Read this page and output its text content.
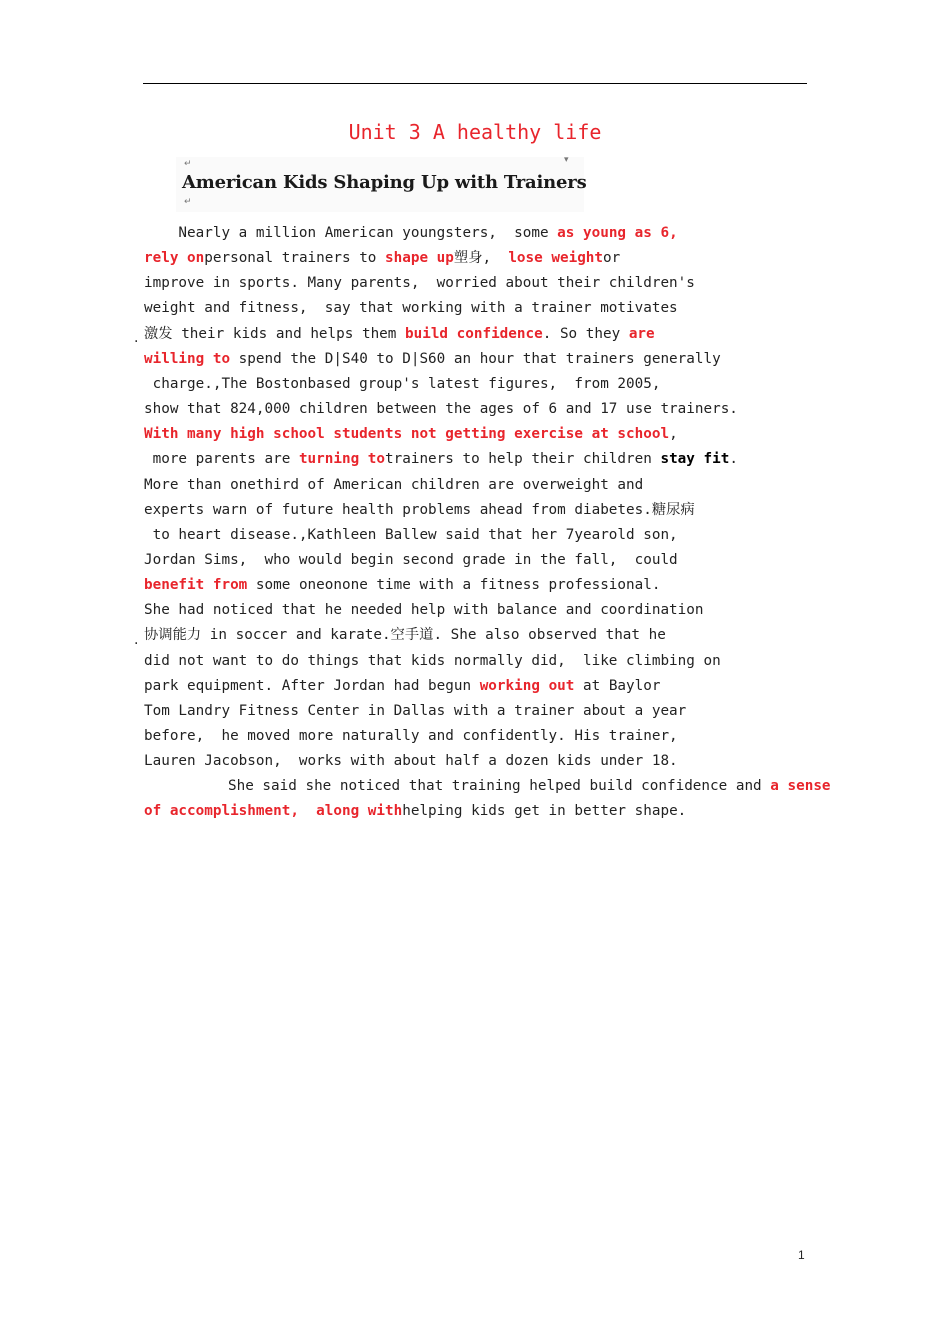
Unit 3 A healthy life
↵	▾
American Kids Shaping Up with Trainers
↵
Nearly a million American youngsters,  some as young as 6,
rely onpersonal trainers to shape up塑身,  lose weightor
improve in sports. Many parents,  worried about their children's
weight and fitness,  say that working with a trainer motivates
激发 their kids and helps them build confidence. So they are
willing to spend the D|S40 to D|S60 an hour that trainers generally
charge.,The Bostonbased group's latest figures,  from 2005,
show that 824,000 children between the ages of 6 and 17 use trainers.
With many high school students not getting exercise at school,
more parents are turning totrainers to help their children stay fit.
More than onethird of American children are overweight and
experts warn of future health problems ahead from diabetes.糖尿病
to heart disease.,Kathleen Ballew said that her 7yearold son,
Jordan Sims,  who would begin second grade in the fall,  could
benefit from some oneonone time with a fitness professional.
She had noticed that he needed help with balance and coordination
协调能力 in soccer and karate.空手道. She also observed that he
did not want to do things that kids normally did,  like climbing on
park equipment. After Jordan had begun working out at Baylor
Tom Landry Fitness Center in Dallas with a trainer about a year
before,  he moved more naturally and confidently. His trainer,
Lauren Jacobson,  works with about half a dozen kids under 18.
She said she noticed that training helped build confidence and a sense
of accomplishment,  along withhelping kids get in better shape.
.
.
1
